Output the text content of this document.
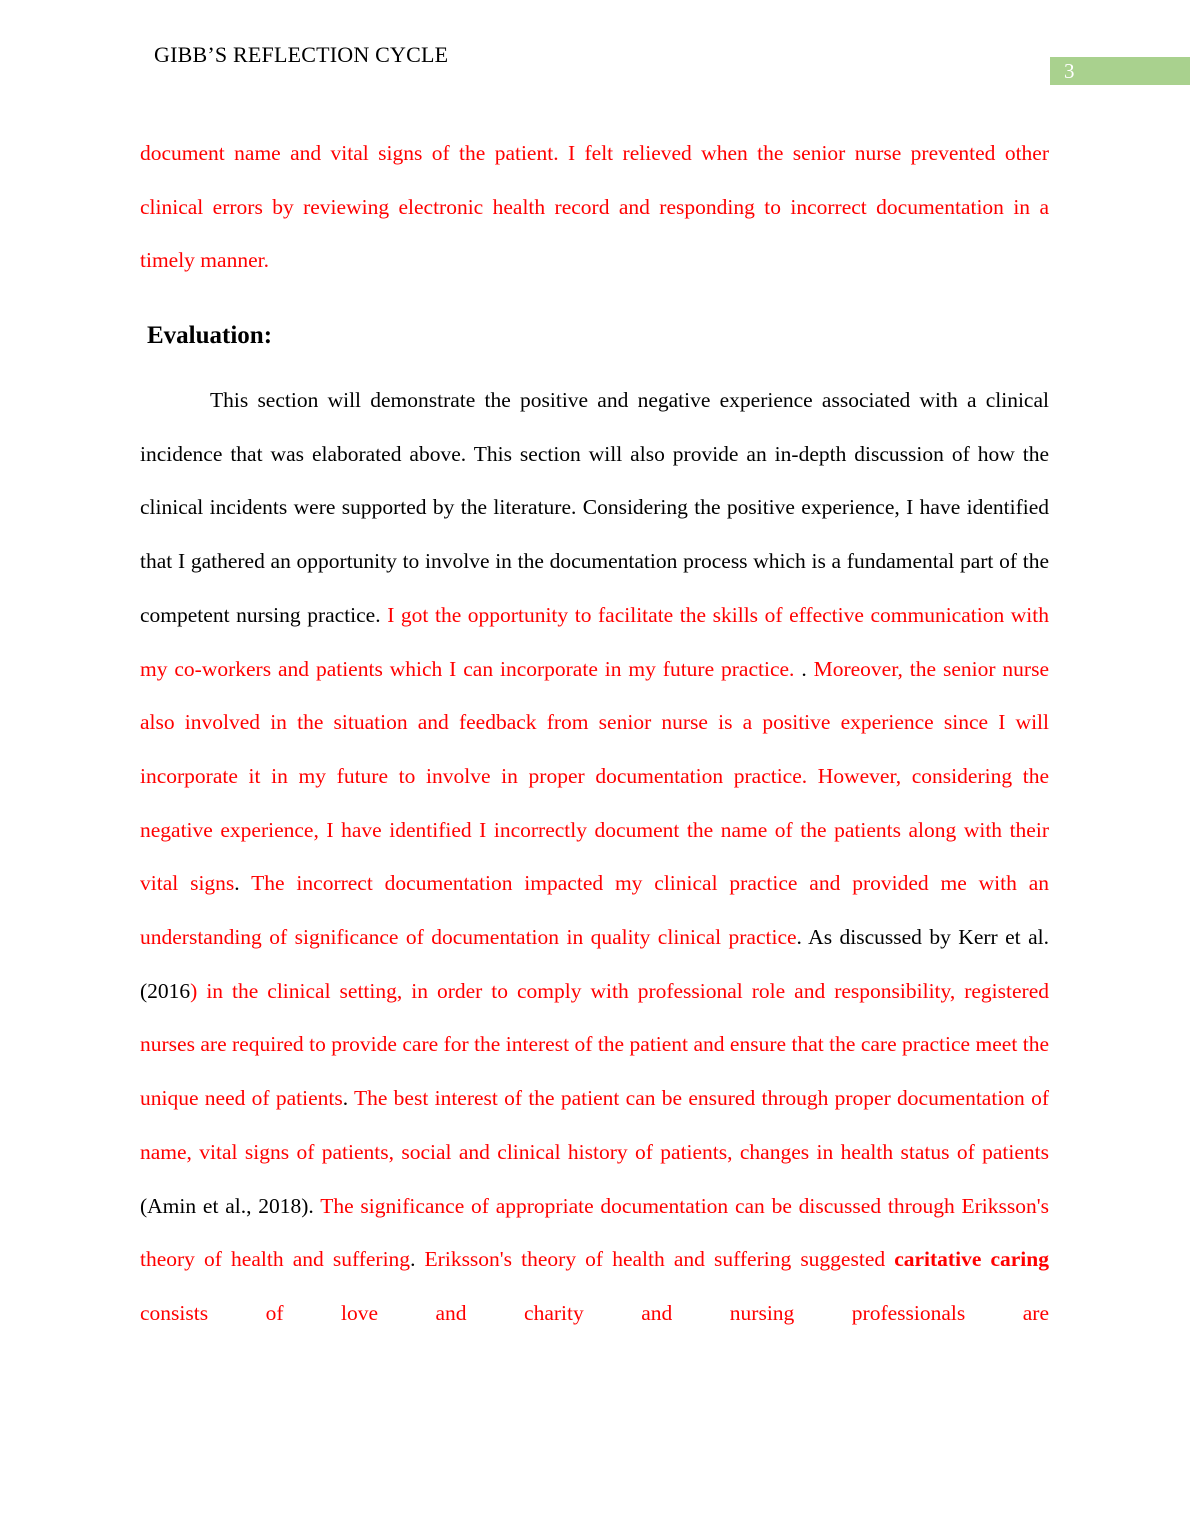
GIBB’S REFLECTION CYCLE
3

document name and vital signs of the patient. I felt relieved when the senior nurse prevented other clinical errors by reviewing electronic health record and responding to incorrect documentation in a timely manner.

Evaluation:

This section will demonstrate the positive and negative experience associated with a clinical incidence that was elaborated above. This section will also provide an in-depth discussion of how the clinical incidents were supported by the literature. Considering the positive experience, I have identified that I gathered an opportunity to involve in the documentation process which is a fundamental part of the competent nursing practice. I got the opportunity to facilitate the skills of effective communication with my co-workers and patients which I can incorporate in my future practice. . Moreover, the senior nurse also involved in the situation and feedback from senior nurse is a positive experience since I will incorporate it in my future to involve in proper documentation practice. However, considering the negative experience, I have identified I incorrectly document the name of the patients along with their vital signs. The incorrect documentation impacted my clinical practice and provided me with an understanding of significance of documentation in quality clinical practice. As discussed by Kerr et al. (2016) in the clinical setting, in order to comply with professional role and responsibility, registered nurses are required to provide care for the interest of the patient and ensure that the care practice meet the unique need of patients. The best interest of the patient can be ensured through proper documentation of name, vital signs of patients, social and clinical history of patients, changes in health status of patients (Amin et al., 2018). The significance of appropriate documentation can be discussed through Eriksson's theory of health and suffering. Eriksson's theory of health and suffering suggested caritative caring consists of love and charity and nursing professionals are
